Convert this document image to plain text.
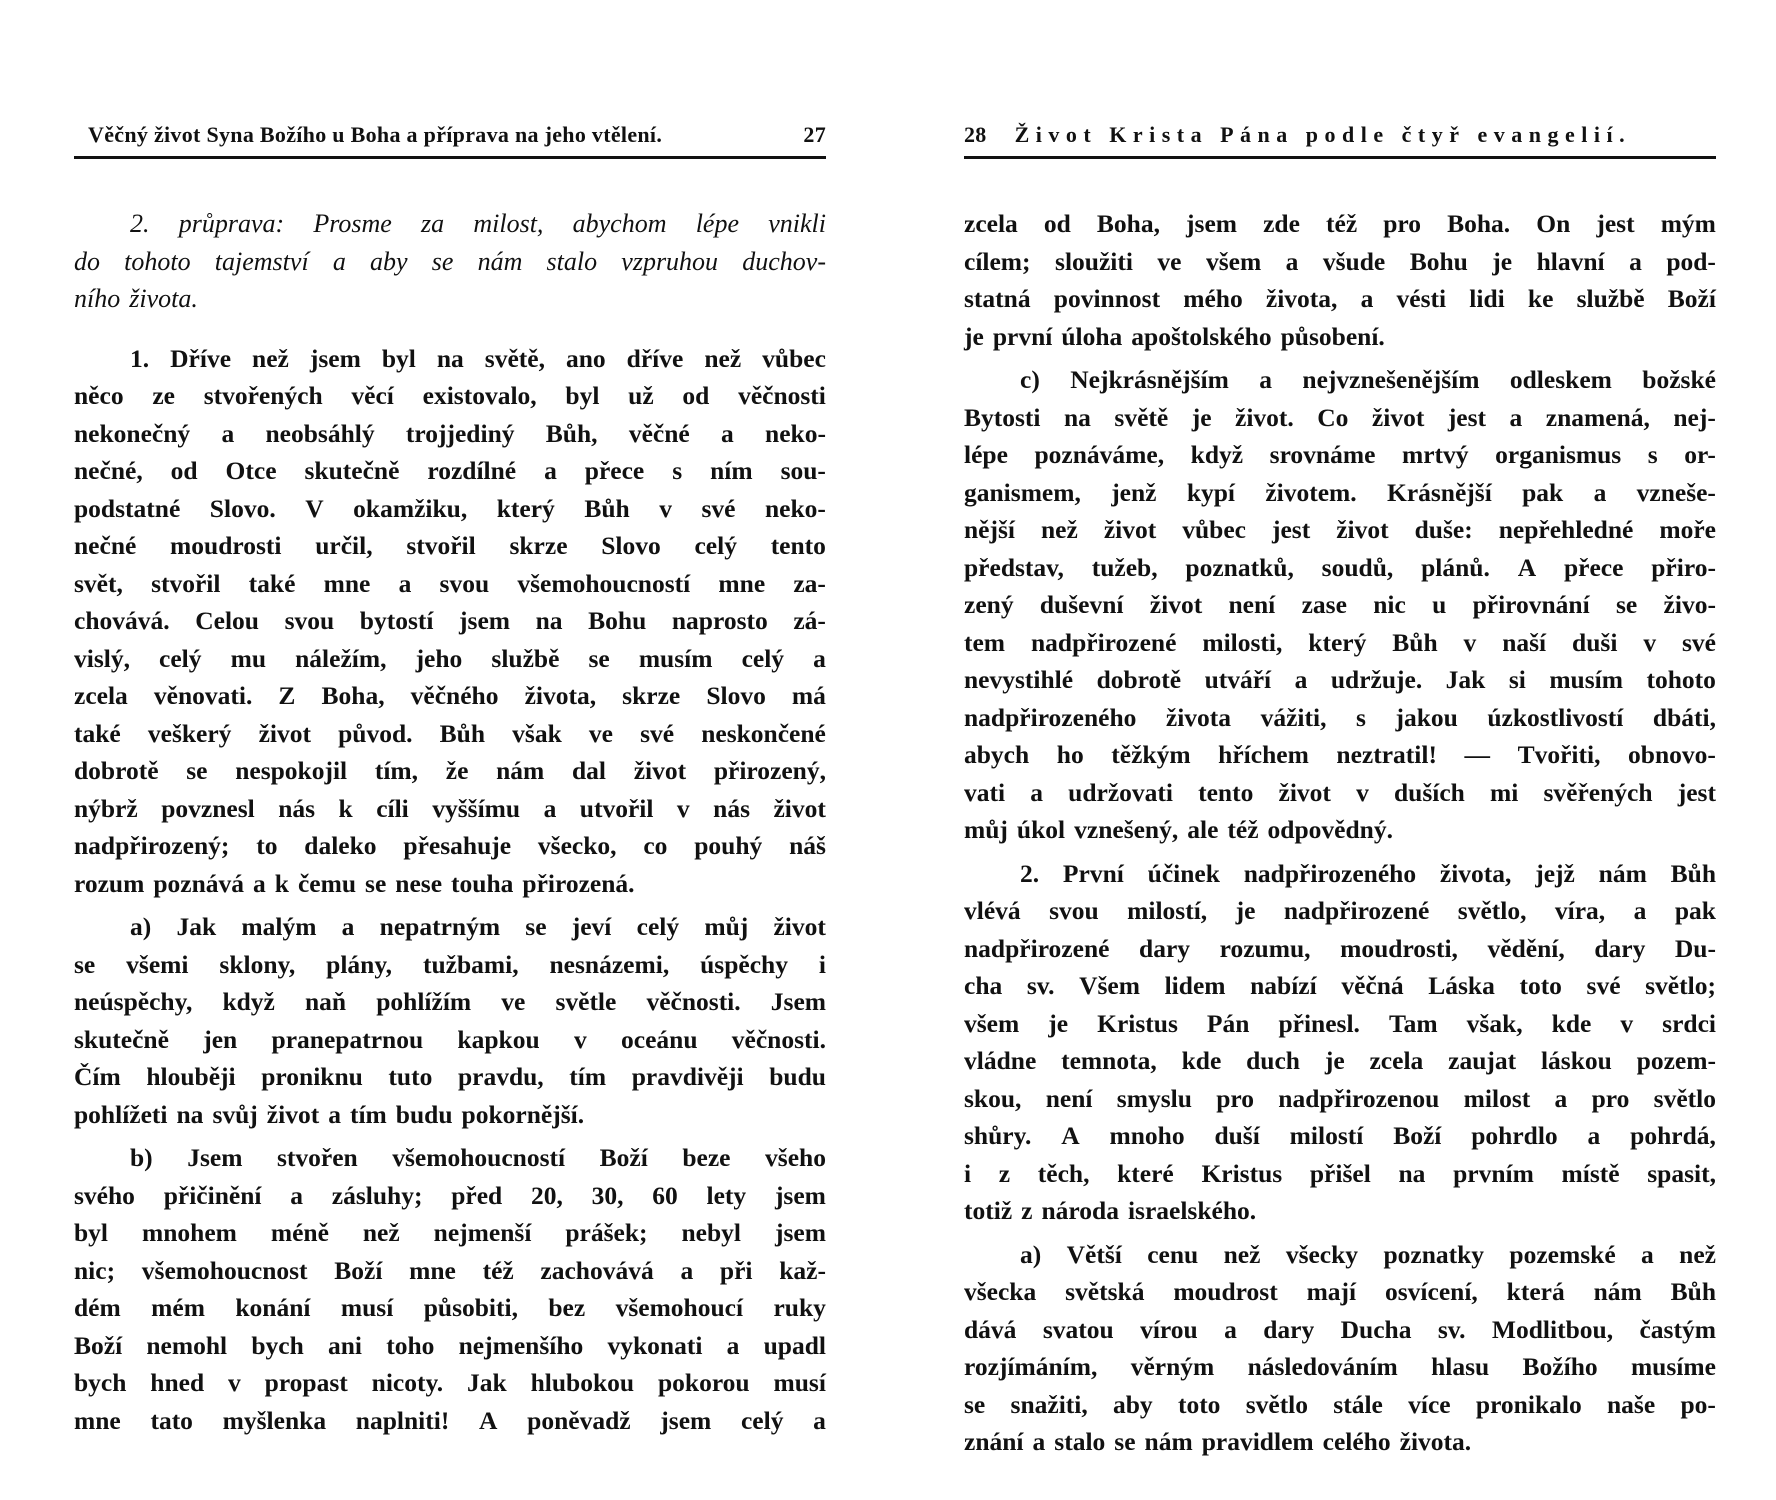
Věčný život Syna Božího u Boha a příprava na jeho vtělení.	27
2. průprava: Prosme za milost, abychom lépe vnikli
do tohoto tajemství a aby se nám stalo vzpruhou duchov-
ního života.
1. Dříve než jsem byl na světě, ano dříve než vůbec
něco ze stvořených věcí existovalo, byl už od věčnosti
nekonečný a neobsáhlý trojjediný Bůh, věčné a neko-
nečné, od Otce skutečně rozdílné a přece s ním sou-
podstatné Slovo. V okamžiku, který Bůh v své neko-
nečné moudrosti určil, stvořil skrze Slovo celý tento
svět, stvořil také mne a svou všemohoucností mne za-
chovává. Celou svou bytostí jsem na Bohu naprosto zá-
vislý, celý mu náležím, jeho službě se musím celý a
zcela věnovati. Z Boha, věčného života, skrze Slovo má
také veškerý život původ. Bůh však ve své neskončené
dobrotě se nespokojil tím, že nám dal život přirozený,
nýbrž povznesl nás k cíli vyššímu a utvořil v nás život
nadpřirozený; to daleko přesahuje všecko, co pouhý náš
rozum poznává a k čemu se nese touha přirozená.
a) Jak malým a nepatrným se jeví celý můj život
se všemi sklony, plány, tužbami, nesnázemi, úspěchy i
neúspěchy, když naň pohlížím ve světle věčnosti. Jsem
skutečně jen pranepatrnou kapkou v oceánu věčnosti.
Čím hlouběji proniknu tuto pravdu, tím pravdivěji budu
pohlížeti na svůj život a tím budu pokornější.
b) Jsem stvořen všemohoucností Boží beze všeho
svého přičinění a zásluhy; před 20, 30, 60 lety jsem
byl mnohem méně než nejmenší prášek; nebyl jsem
nic; všemohoucnost Boží mne též zachovává a při kaž-
dém mém konání musí působiti, bez všemohoucí ruky
Boží nemohl bych ani toho nejmenšího vykonati a upadl
bych hned v propast nicoty. Jak hlubokou pokorou musí
mne tato myšlenka naplniti! A poněvadž jsem celý a
28 Život Krista Pána podle čtyř evangelií.
zcela od Boha, jsem zde též pro Boha. On jest mým
cílem; sloužiti ve všem a všude Bohu je hlavní a pod-
statná povinnost mého života, a vésti lidi ke službě Boží
je první úloha apoštolského působení.
c) Nejkrásnějším a nejvznešenějším odleskem božské
Bytosti na světě je život. Co život jest a znamená, nej-
lépe poznáváme, když srovnáme mrtvý organismus s or-
ganismem, jenž kypí životem. Krásnější pak a vzneše-
nější než život vůbec jest život duše: nepřehledné moře
představ, tužeb, poznatků, soudů, plánů. A přece přiro-
zený duševní život není zase nic u přirovnání se živo-
tem nadpřirozené milosti, který Bůh v naší duši v své
nevystihlé dobrotě utváří a udržuje. Jak si musím tohoto
nadpřirozeného života vážiti, s jakou úzkostlivostí dbáti,
abych ho těžkým hříchem neztratil! — Tvořiti, obnovo-
vati a udržovati tento život v duších mi svěřených jest
můj úkol vznešený, ale též odpovědný.
2. První účinek nadpřirozeného života, jejž nám Bůh
vlévá svou milostí, je nadpřirozené světlo, víra, a pak
nadpřirozené dary rozumu, moudrosti, vědění, dary Du-
cha sv. Všem lidem nabízí věčná Láska toto své světlo;
všem je Kristus Pán přinesl. Tam však, kde v srdci
vládne temnota, kde duch je zcela zaujat láskou pozem-
skou, není smyslu pro nadpřirozenou milost a pro světlo
shůry. A mnoho duší milostí Boží pohrdlo a pohrdá,
i z těch, které Kristus přišel na prvním místě spasit,
totiž z národa israelského.
a) Větší cenu než všecky poznatky pozemské a než
všecka světská moudrost mají osvícení, která nám Bůh
dává svatou vírou a dary Ducha sv. Modlitbou, častým
rozjímáním, věrným následováním hlasu Božího musíme
se snažiti, aby toto světlo stále více pronikalo naše po-
znání a stalo se nám pravidlem celého života.
